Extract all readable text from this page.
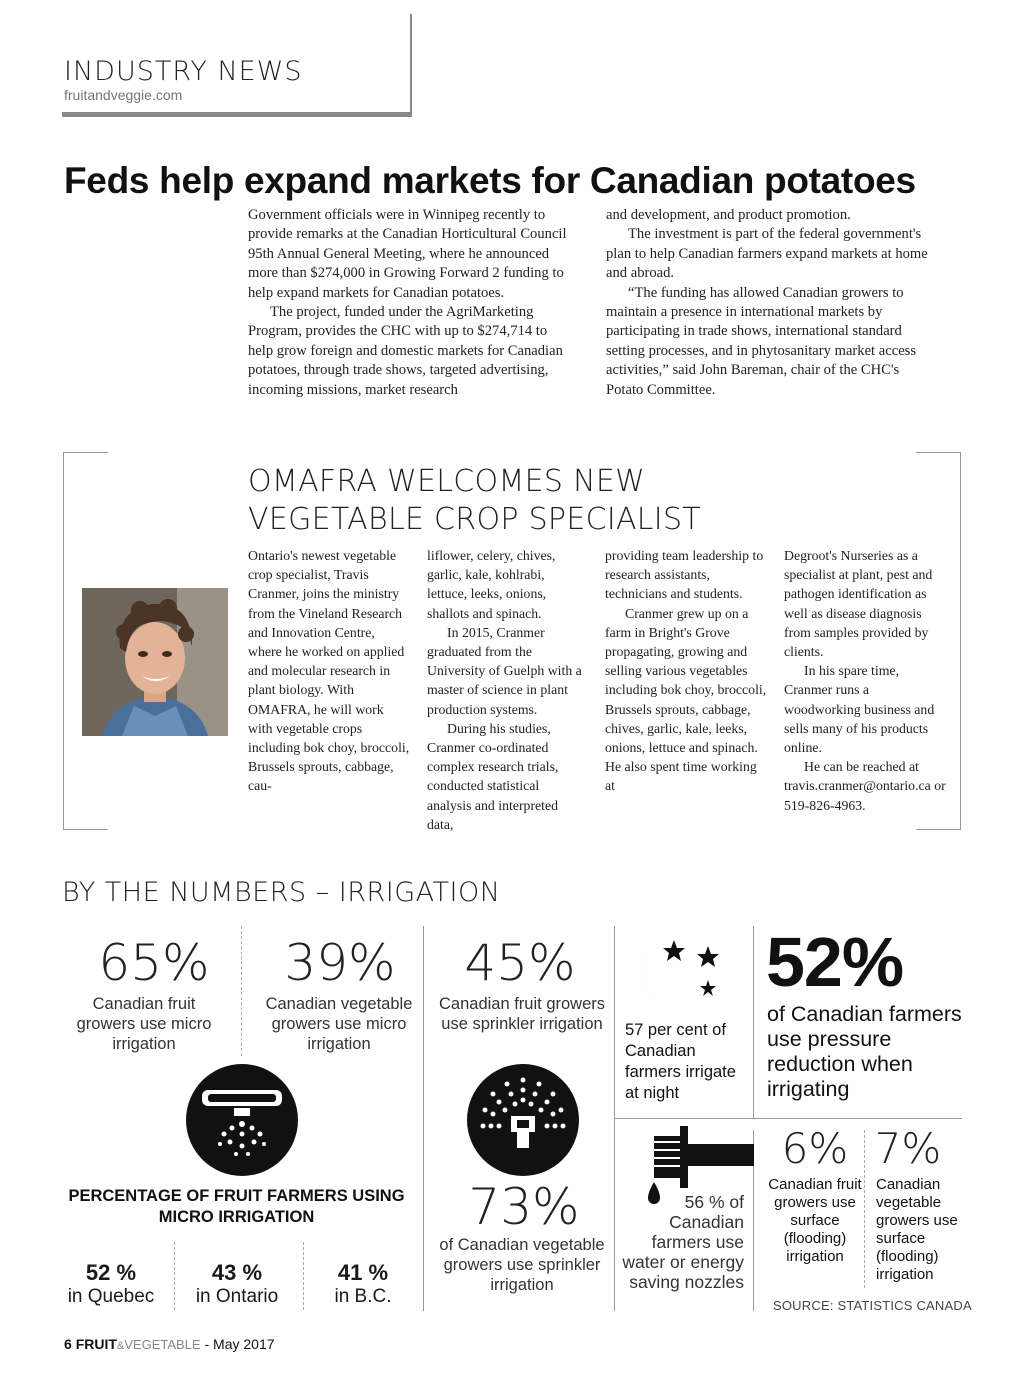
INDUSTRY NEWS
fruitandveggie.com
Feds help expand markets for Canadian potatoes

Government officials were in Winnipeg recently to provide remarks at the Canadian Horticultural Council 95th Annual General Meeting, where he announced more than $274,000 in Growing Forward 2 funding to help expand markets for Canadian potatoes.

The project, funded under the AgriMarketing Program, provides the CHC with up to $274,714 to help grow foreign and domestic markets for Canadian potatoes, through trade shows, targeted advertising, incoming missions, market research

and development, and product promotion.

The investment is part of the federal government's plan to help Canadian farmers expand markets at home and abroad.

“The funding has allowed Canadian growers to maintain a presence in international markets by participating in trade shows, international standard setting processes, and in phytosanitary market access activities,” said John Bareman, chair of the CHC's Potato Committee.

OMAFRA WELCOMES NEW
VEGETABLE CROP SPECIALIST

Ontario's newest vegetable crop specialist, Travis Cranmer, joins the ministry from the Vineland Research and Innovation Centre, where he worked on applied and molecular research in plant biology. With OMAFRA, he will work with vegetable crops including bok choy, broccoli, Brussels sprouts, cabbage, cau-

liflower, celery, chives, garlic, kale, kohlrabi, lettuce, leeks, onions, shallots and spinach.

In 2015, Cranmer graduated from the University of Guelph with a master of science in plant production systems.

During his studies, Cranmer co-ordinated complex research trials, conducted statistical analysis and interpreted data,

providing team leadership to research assistants, technicians and students.

Cranmer grew up on a farm in Bright's Grove propagating, growing and selling various vegetables including bok choy, broccoli, Brussels sprouts, cabbage, chives, garlic, kale, leeks, onions, lettuce and spinach. He also spent time working at

Degroot's Nurseries as a specialist at plant, pest and pathogen identification as well as disease diagnosis from samples provided by clients.

In his spare time, Cranmer runs a woodworking business and sells many of his products online.

He can be reached at travis.cranmer@ontario.ca or 519-826-4963.

BY THE NUMBERS – IRRIGATION
65%
Canadian fruit growers use micro irrigation
39%
Canadian vegetable growers use micro irrigation
45%
Canadian fruit growers use sprinkler irrigation	57 per cent of Canadian farmers irrigate at night
52%
of Canadian farmers use pressure reduction when irrigating
PERCENTAGE OF FRUIT FARMERS USING MICRO IRRIGATION
52 %
in Quebec
43 %
in Ontario
41 %
in B.C.
73%
of Canadian vegetable growers use sprinkler irrigation
56 % of Canadian farmers use water or energy saving nozzles
6%
Canadian fruit growers use surface (flooding) irrigation
7%
Canadian vegetable growers use surface (flooding) irrigation
SOURCE: STATISTICS CANADA
6 FRUIT&VEGETABLE - May 2017
